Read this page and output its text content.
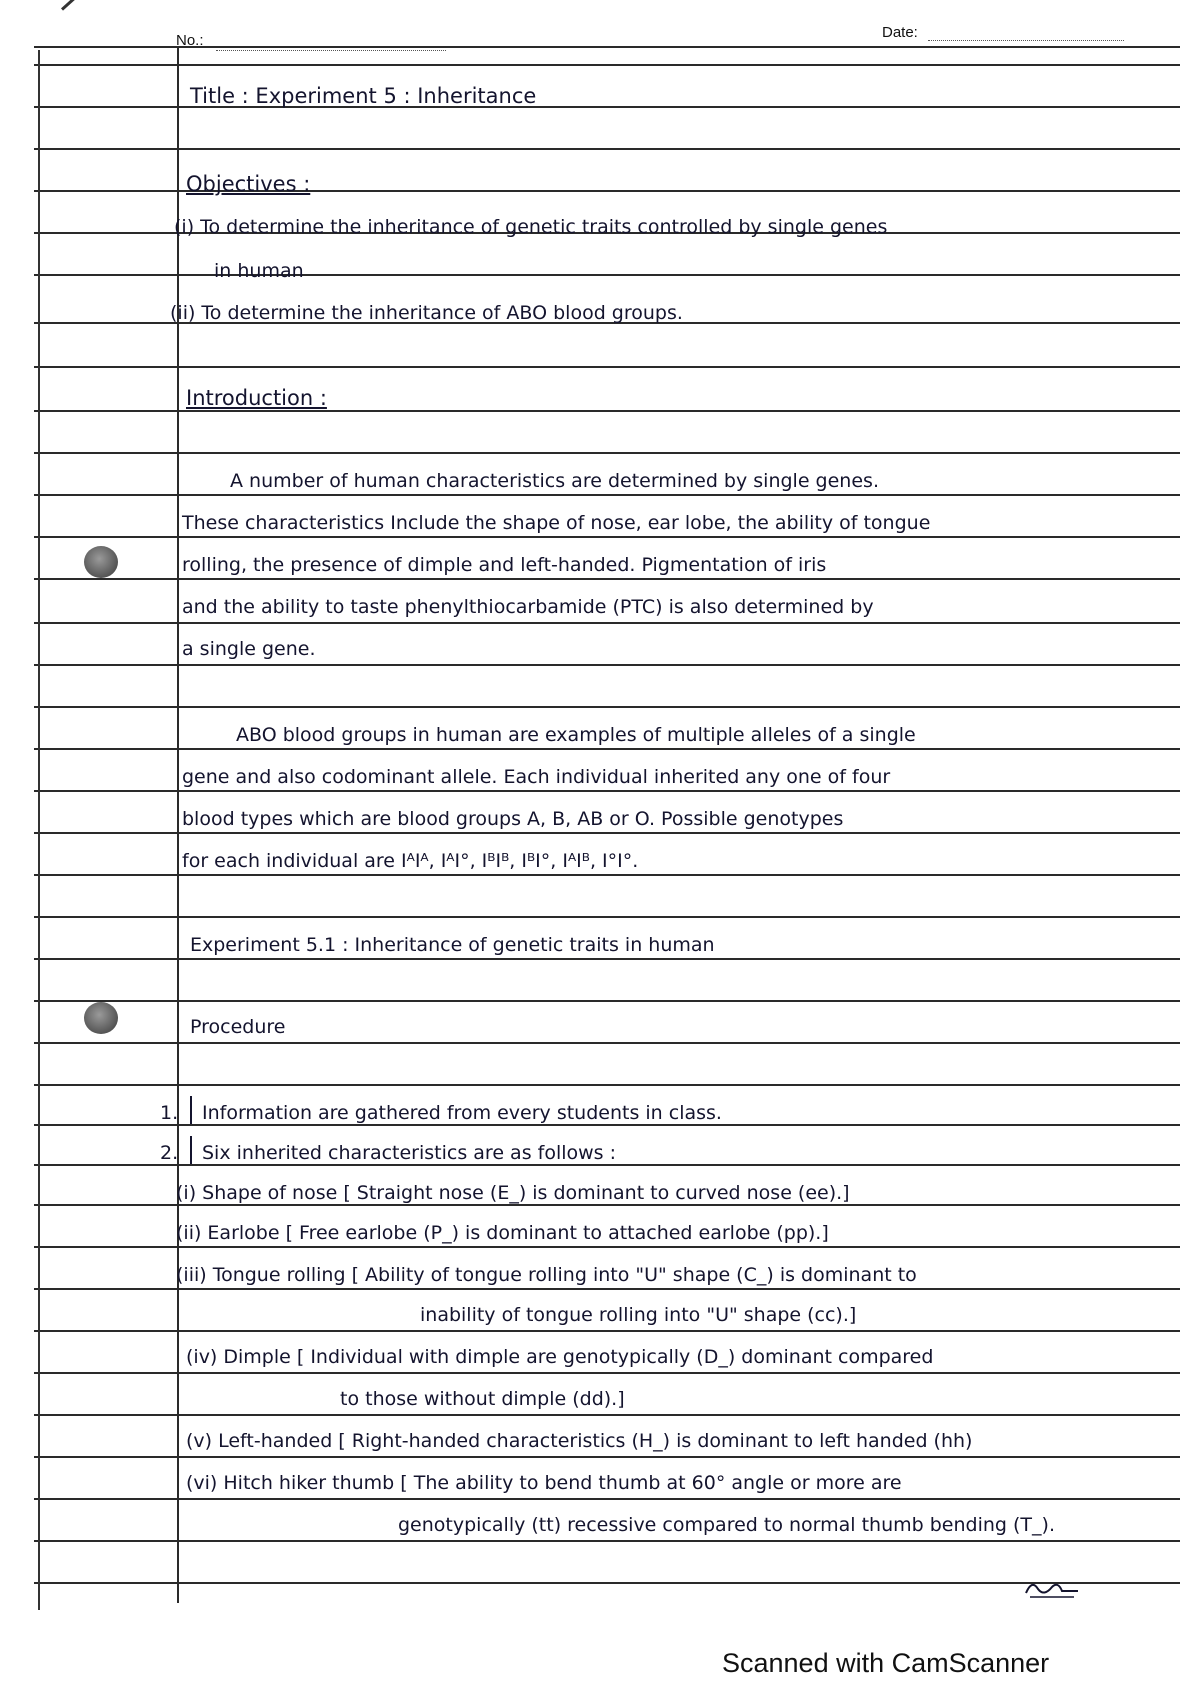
No.:	Date:
Title : Experiment 5 : Inheritance
Objectives :
(i) To determine the inheritance of genetic traits controlled by single genes
in human
(ii) To determine the inheritance of ABO blood groups.
Introduction :
A number of human characteristics are determined by single genes.
These characteristics Include the shape of nose, ear lobe, the ability of tongue
rolling, the presence of dimple and left-handed. Pigmentation of iris
and the ability to taste phenylthiocarbamide (PTC) is also determined by
a single gene.
ABO blood groups in human are examples of multiple alleles of a single
gene and also codominant allele. Each individual inherited any one of four
blood types which are blood groups A, B, AB or O. Possible genotypes
for each individual are IᴬIᴬ, IᴬI°, IᴮIᴮ, IᴮI°, IᴬIᴮ, I°I°.
Experiment 5.1 : Inheritance of genetic traits in human
Procedure
1. Information are gathered from every students in class.
2. Six inherited characteristics are as follows :
(i) Shape of nose [ Straight nose (E_) is dominant to curved nose (ee).]
(ii) Earlobe [ Free earlobe (P_) is dominant to attached earlobe (pp).]
(iii) Tongue rolling [ Ability of tongue rolling into "U" shape (C_) is dominant to
inability of tongue rolling into "U" shape (cc).]
(iv) Dimple [ Individual with dimple are genotypically (D_) dominant compared
to those without dimple (dd).]
(v) Left-handed [ Right-handed characteristics (H_) is dominant to left handed (hh)
(vi) Hitch hiker thumb [ The ability to bend thumb at 60° angle or more are
genotypically (tt) recessive compared to normal thumb bending (T_).
Scanned with CamScanner
